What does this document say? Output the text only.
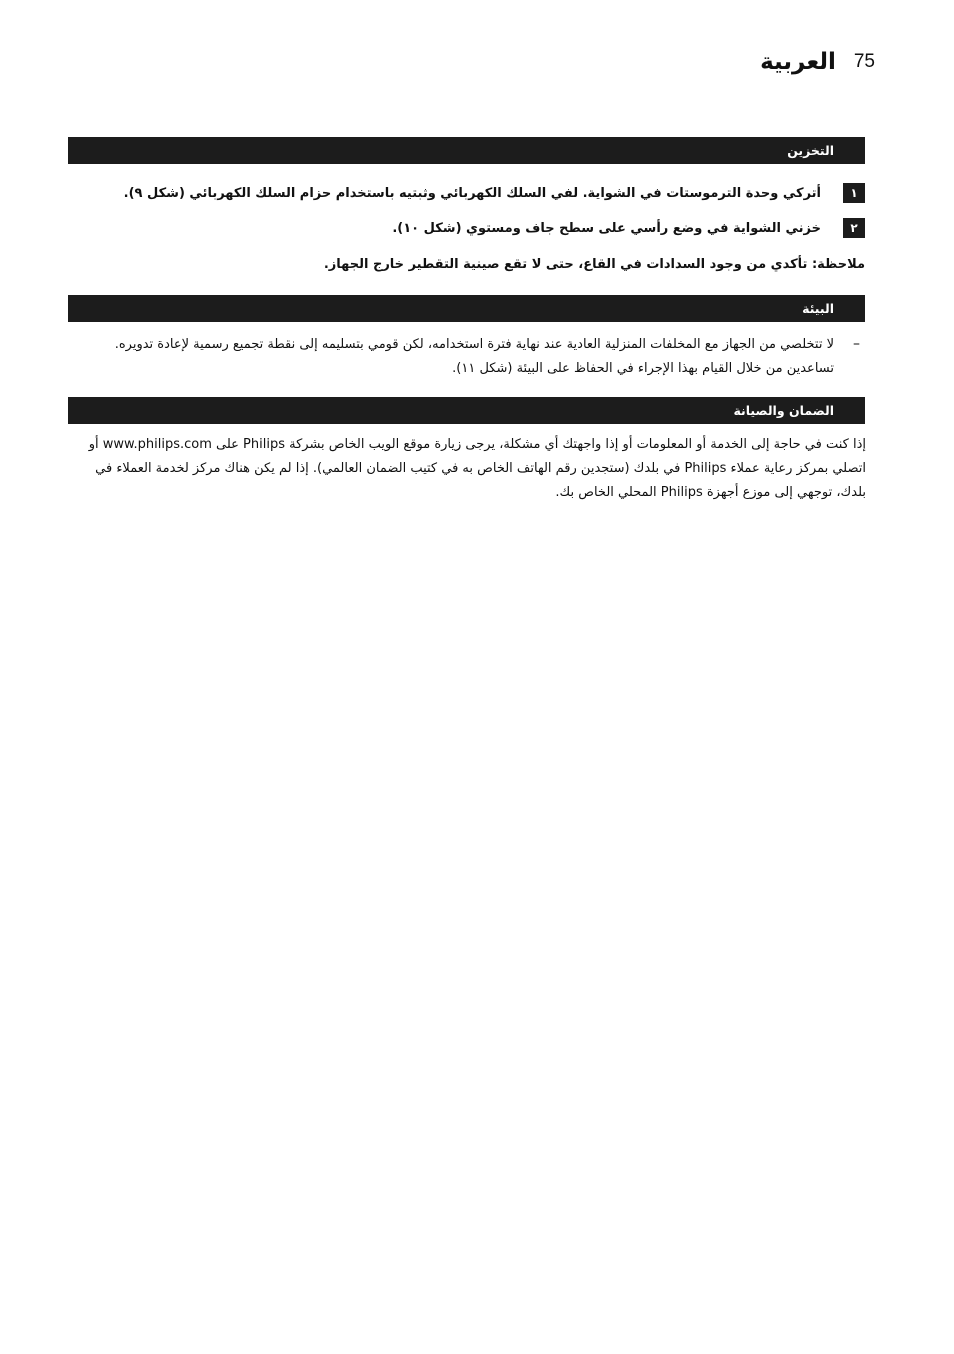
العربية 75
التخزين
١
أتركي وحدة الترموستات في الشواية. لفي السلك الكهربائي وثبتيه باستخدام حزام السلك الكهربائي (شكل ٩).
٢
خزني الشواية في وضع رأسي على سطح جاف ومستوي (شكل ١٠).
ملاحظة: تأكدي من وجود السدادات في القاع، حتى لا تقع صينية التقطير خارج الجهاز.
البيئة
–
لا تتخلصي من الجهاز مع المخلفات المنزلية العادية عند نهاية فترة استخدامه، لكن قومي بتسليمه إلى نقطة تجميع رسمية لإعادة تدويره. تساعدين من خلال القيام بهذا الإجراء في الحفاظ على البيئة (شكل ١١).
الضمان والصيانة
إذا كنت في حاجة إلى الخدمة أو المعلومات أو إذا واجهتك أي مشكلة، يرجى زيارة موقع الويب الخاص بشركة Philips على www.philips.com أو اتصلي بمركز رعاية عملاء Philips في بلدك (ستجدين رقم الهاتف الخاص به في كتيب الضمان العالمي). إذا لم يكن هناك مركز لخدمة العملاء في بلدك، توجهي إلى موزع أجهزة Philips المحلي الخاص بك.
